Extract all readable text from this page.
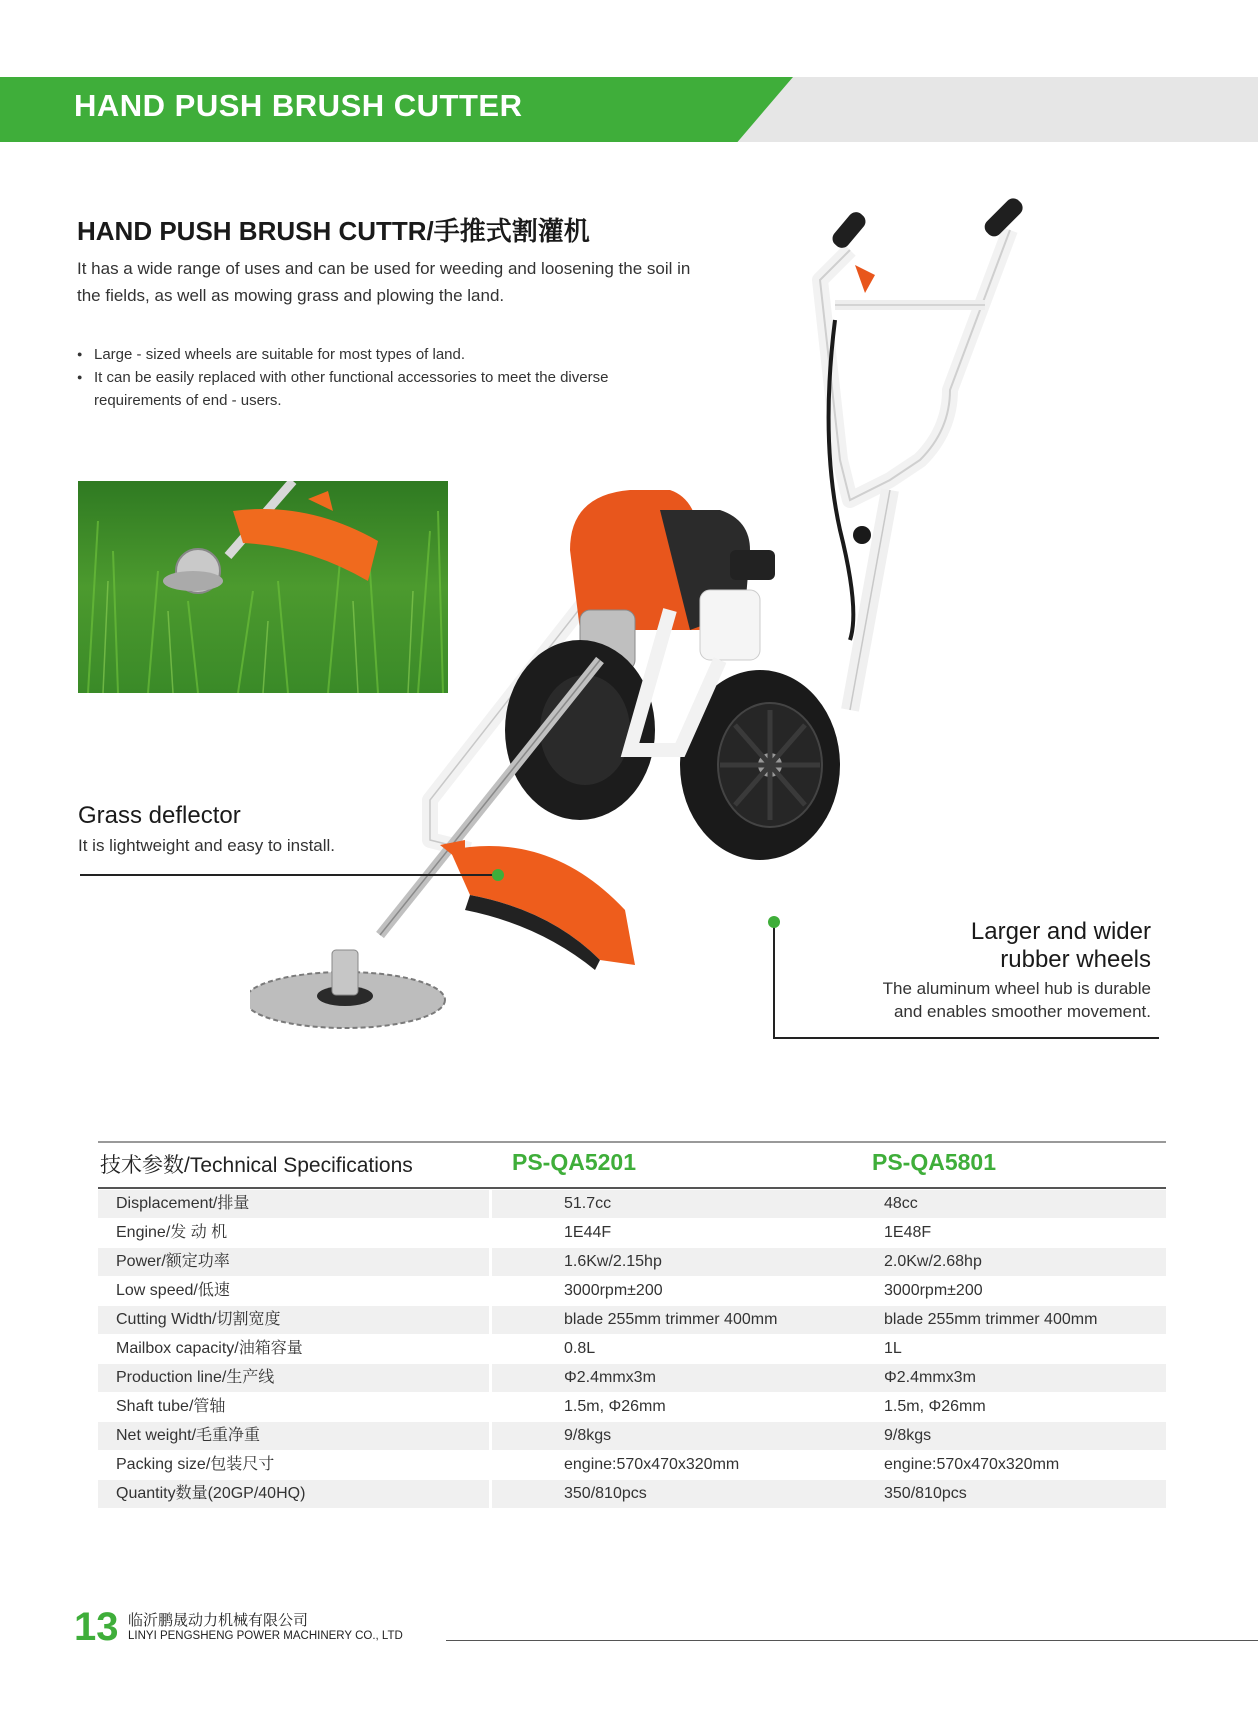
HAND PUSH BRUSH CUTTER
HAND PUSH BRUSH CUTTR/手推式割灌机
It has a wide range of uses and can be used for weeding and loosening the soil in the fields, as well as mowing grass and plowing the land.
● Large - sized wheels are suitable for most types of land.
● It can be easily replaced with other functional accessories to meet the diverse requirements of end - users.
Grass deflector
It is lightweight and easy to install.
Larger and wider
rubber wheels
The aluminum wheel hub is durable
and enables smoother movement.
技术参数/Technical Specifications	PS-QA5201	PS-QA5801
Displacement/排量	51.7cc	48cc
Engine/发 动 机	1E44F	1E48F
Power/额定功率	1.6Kw/2.15hp	2.0Kw/2.68hp
Low speed/低速	3000rpm±200	3000rpm±200
Cutting Width/切割宽度	blade 255mm trimmer 400mm	blade 255mm trimmer 400mm
Mailbox capacity/油箱容量	0.8L	1L
Production line/生产线	Φ2.4mmx3m	Φ2.4mmx3m
Shaft tube/管轴	1.5m, Φ26mm	1.5m, Φ26mm
Net weight/毛重净重	9/8kgs	9/8kgs
Packing size/包装尺寸	engine:570x470x320mm	engine:570x470x320mm
Quantity数量(20GP/40HQ)	350/810pcs	350/810pcs
13 临沂鹏晟动力机械有限公司
LINYI PENGSHENG POWER MACHINERY CO., LTD
